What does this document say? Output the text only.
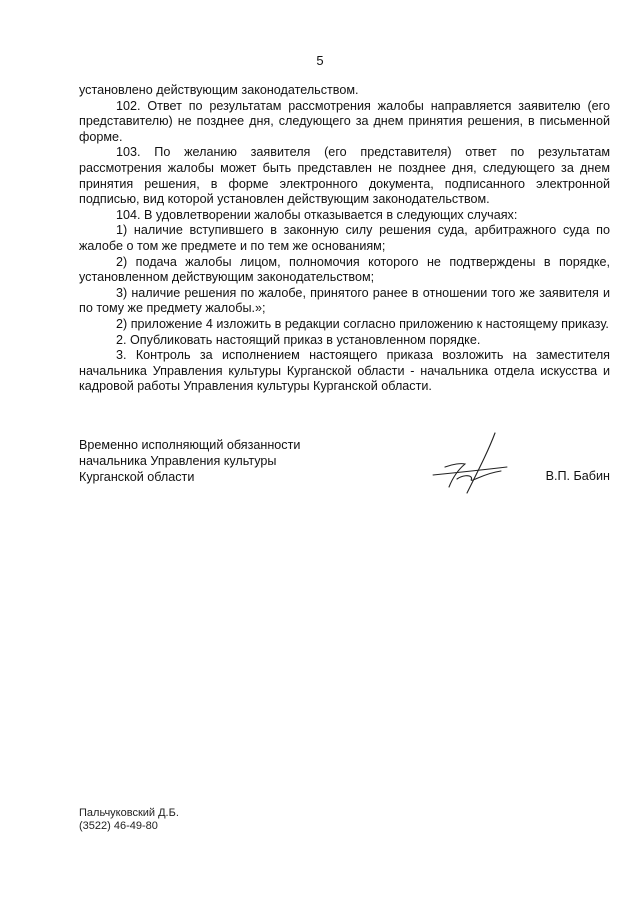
5

установлено действующим законодательством.

102. Ответ по результатам рассмотрения жалобы направляется заявителю (его представителю) не позднее дня, следующего за днем принятия решения, в письменной форме.

103. По желанию заявителя (его представителя) ответ по результатам рассмотрения жалобы может быть представлен не позднее дня, следующего за днем принятия решения, в форме электронного документа, подписанного электронной подписью, вид которой установлен действующим законодательством.

104. В удовлетворении жалобы отказывается в следующих случаях:

1) наличие вступившего в законную силу решения суда, арбитражного суда по жалобе о том же предмете и по тем же основаниям;

2) подача жалобы лицом, полномочия которого не подтверждены в порядке, установленном действующим законодательством;

3) наличие решения по жалобе, принятого ранее в отношении того же заявителя и по тому же предмету жалобы.»;

2) приложение 4 изложить в редакции согласно приложению к настоящему приказу.

2. Опубликовать настоящий приказ в установленном порядке.

3. Контроль за исполнением настоящего приказа возложить на заместителя начальника Управления культуры Курганской области - начальника отдела искусства и кадровой работы Управления культуры Курганской области.

Временно исполняющий обязанности
начальника Управления культуры
Курганской области	В.П. Бабин
Пальчуковский Д.Б.
(3522) 46-49-80
